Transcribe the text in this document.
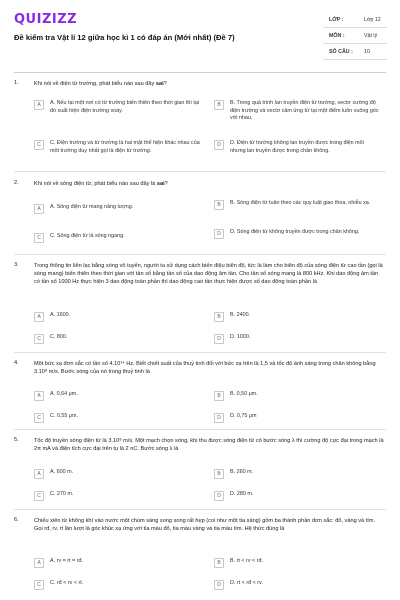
QUIZIZZ
Đề kiểm tra Vật lí 12 giữa học kì 1 có đáp án (Mới nhất) (Đề 7)
LỚP :	Lớp 12
MÔN :	Vật lý
SỐ CÂU : 10
1.	Khi nói về điện từ trường, phát biểu nào sau đây sai?
A	A. Nếu tại một nơi có từ trường biến thiên theo thời gian thì tại đó xuất hiện điện trường xoáy.
B	B. Trong quá trình lan truyền điện từ trường, vectơ cường độ điện trường và vectơ cảm ứng từ tại một điểm luôn vuông góc với nhau.
C	C. Điện trường và từ trường là hai mặt thể hiện khác nhau của một trường duy nhất gọi là điện từ trường.
D	D. Điện từ trường không lan truyền được trong điện môi nhưng lan truyền được trong chân không.
2.	Khi nói về sóng điện từ, phát biểu nào sau đây là sai?
A	A. Sóng điện từ mang năng lượng.	B	B. Sóng điện từ tuân theo các quy luật giao thoa, nhiễu xạ.
C	C. Sóng điện từ là sóng ngang.	D	D. Sóng điện từ không truyền được trong chân không.
3.	Trong thông tin liên lạc bằng sóng vô tuyến, người ta sử dụng cách biến điệu biên độ, tức là làm cho biên độ của sóng điện từ cao tần (gọi là sóng mang) biến thiên theo thời gian với tần số bằng tần số của dao động âm tần. Cho tần số sóng mang là 800 kHz. Khi dao động âm tần có tần số 1000 Hz thực hiện 3 dao động toàn phần thì dao động cao tần thực hiện được số dao động toàn phần là
A	A. 1600.	B	B. 2400.
C	C. 800.	D	D. 1000.
4.	Một bức xạ đơn sắc có tần số 4.10¹⁴ Hz. Biết chiết suất của thuỷ tinh đối với bức xạ trên là 1,5 và tốc độ ánh sáng trong chân không bằng 3.10⁸ m/s. Bước sóng của nó trong thuỷ tinh là
A	A. 0,64 μm.	B	B. 0,50 μm.
C	C. 0,55 μm.	D	D. 0,75 μm
5.	Tốc độ truyền sóng điện từ là 3.10⁸ m/s. Một mạch chọn sóng, khi thu được sóng điện từ có bước sóng λ thì cường độ cực đại trong mạch là 2π mA và điện tích cực đại trên tụ là 2 nC. Bước sóng λ là
A	A. 600 m.	B	B. 260 m.
C	C. 270 m.	D	D. 280 m.
6.	Chiếu xiên từ không khí vào nước một chùm sáng song song rất hẹp (coi như một tia sáng) gồm ba thành phần đơn sắc: đỏ, vàng và tím. Gọi rđ, rv, rt lần lượt là góc khúc xạ ứng với tia màu đỏ, tia màu vàng và tia màu tím. Hệ thức đúng là
A	A. rv = rt = rđ.	B	B. rt < rv < rđ.
C	C. rđ < rv < rt.	D	D. rt < rđ < rv.
